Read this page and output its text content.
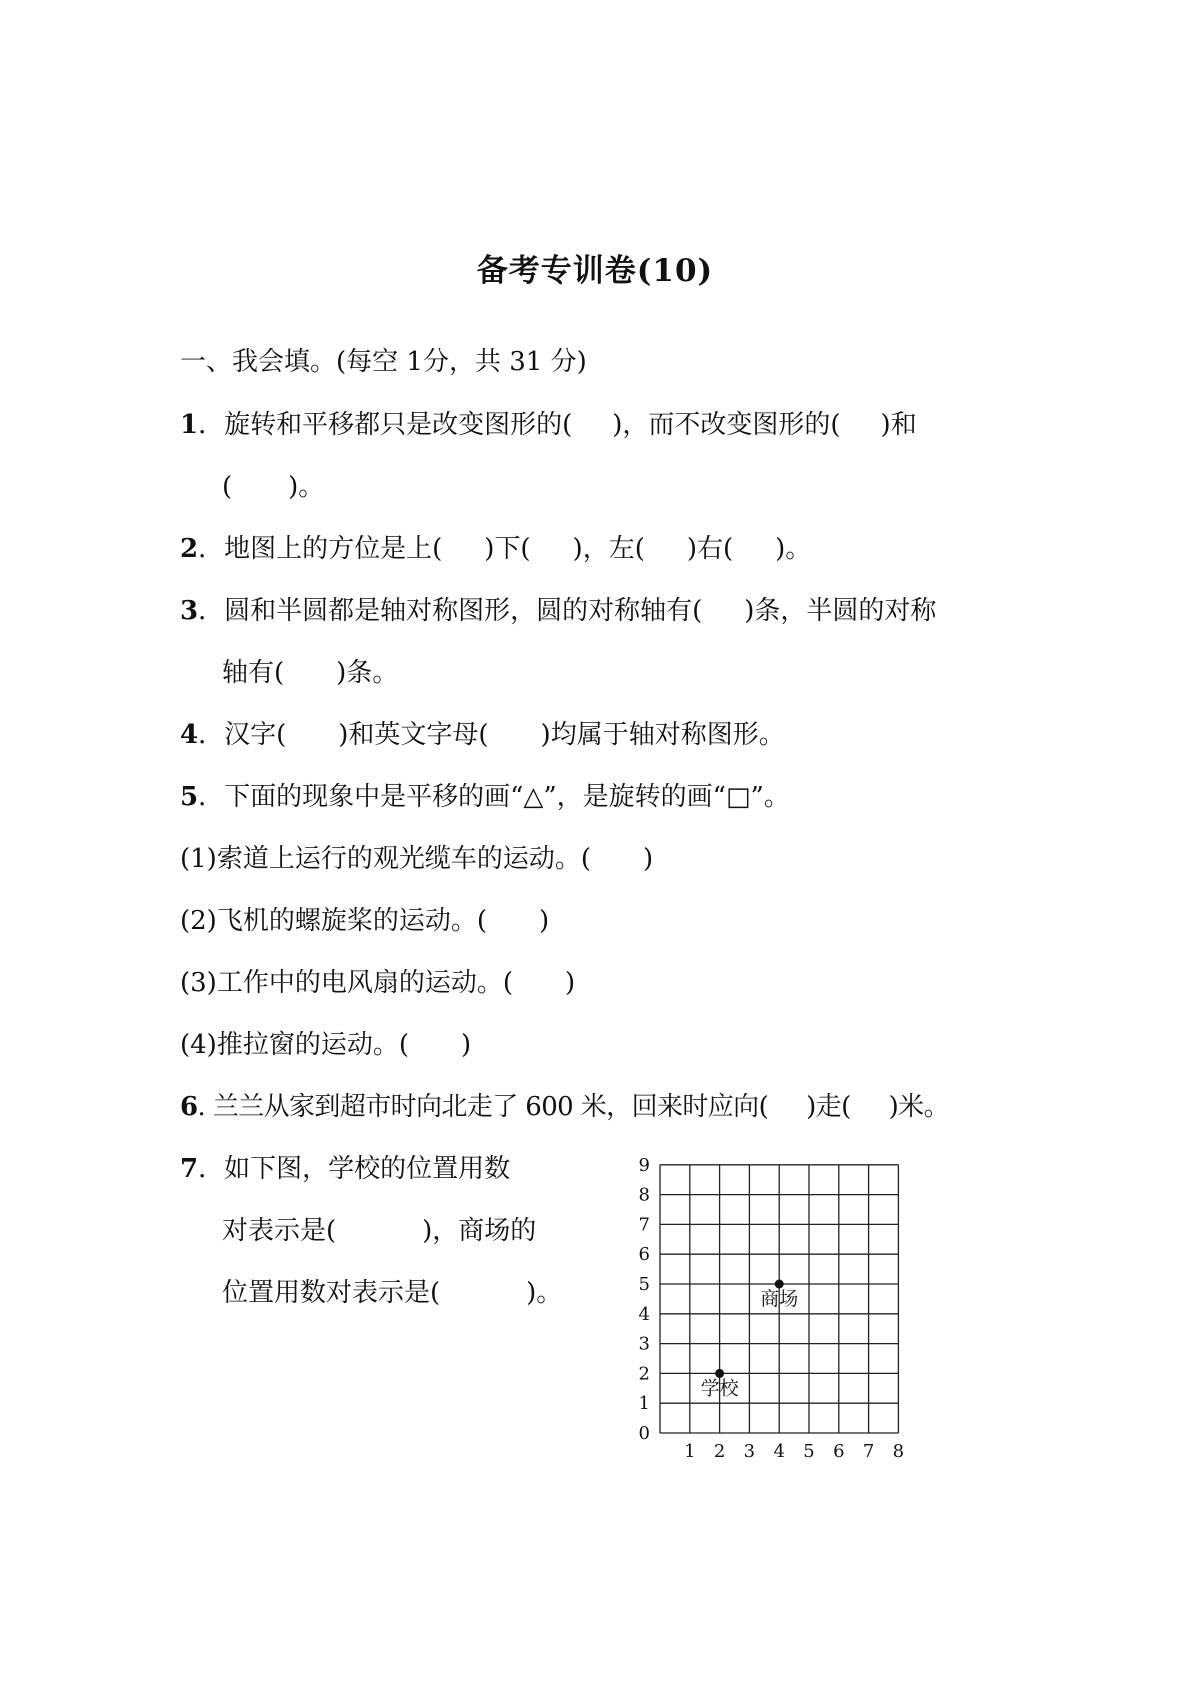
备考专训卷(10)
一、我会填。(每空 1分，共 31 分)
1．旋转和平移都只是改变图形的( )，而不改变图形的( )和
( )。
2．地图上的方位是上( )下( )，左( )右( )。
3．圆和半圆都是轴对称图形，圆的对称轴有( )条，半圆的对称
轴有( )条。
4．汉字( )和英文字母( )均属于轴对称图形。
5．下面的现象中是平移的画“△”，是旋转的画“□”。
(1)索道上运行的观光缆车的运动。( )
(2)飞机的螺旋桨的运动。( )
(3)工作中的电风扇的运动。( )
(4)推拉窗的运动。( )
6. 兰兰从家到超市时向北走了 600 米，回来时应向( )走( )米。
7．如下图，学校的位置用数
对表示是(	)，商场的
位置用数对表示是(	)。
1 2 3 4 5 6 7 8
0
1
2
3
4
5
6
7
8
9
学校
商场
